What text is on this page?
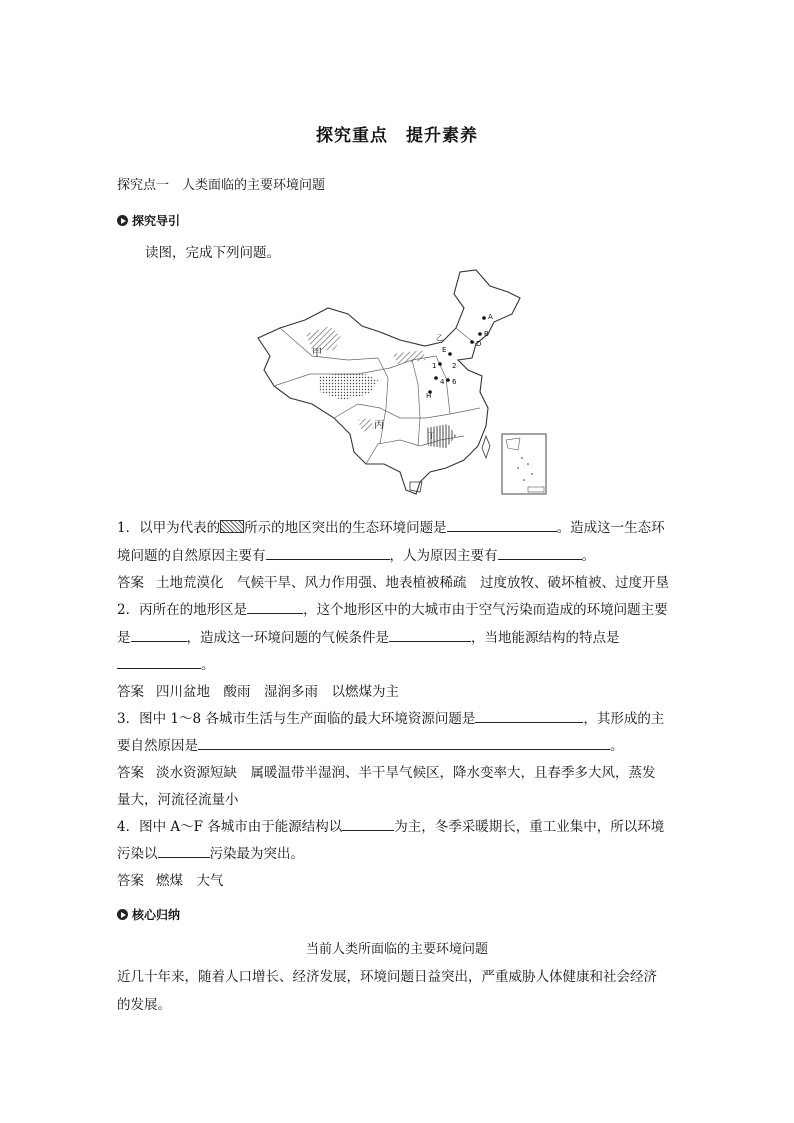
探究重点　提升素养
探究点一　人类面临的主要环境问题
探究导引
读图，完成下列问题。
甲
丙
乙
丁
A
B
D
E
H
1 2
4 6
1．以甲为代表的 所示的地区突出的生态环境问题是	。造成这一生态环
境问题的自然原因主要有	，人为原因主要有	。
答案 土地荒漠化　气候干旱、风力作用强、地表植被稀疏　过度放牧、破坏植被、过度开垦
2．丙所在的地形区是	，这个地形区中的大城市由于空气污染而造成的环境问题主要
是	，造成这一环境问题的气候条件是	，当地能源结构的特点是
。
答案 四川盆地　酸雨　湿润多雨　以燃煤为主
3．图中 1～8 各城市生活与生产面临的最大环境资源问题是	，其形成的主
要自然原因是	。
答案 淡水资源短缺　属暖温带半湿润、半干旱气候区，降水变率大，且春季多大风，蒸发
量大，河流径流量小
4．图中 A～F 各城市由于能源结构以	为主，冬季采暖期长，重工业集中，所以环境
污染以	污染最为突出。
答案 燃煤　大气
核心归纳
当前人类所面临的主要环境问题
近几十年来，随着人口增长、经济发展，环境问题日益突出，严重威胁人体健康和社会经济
的发展。
